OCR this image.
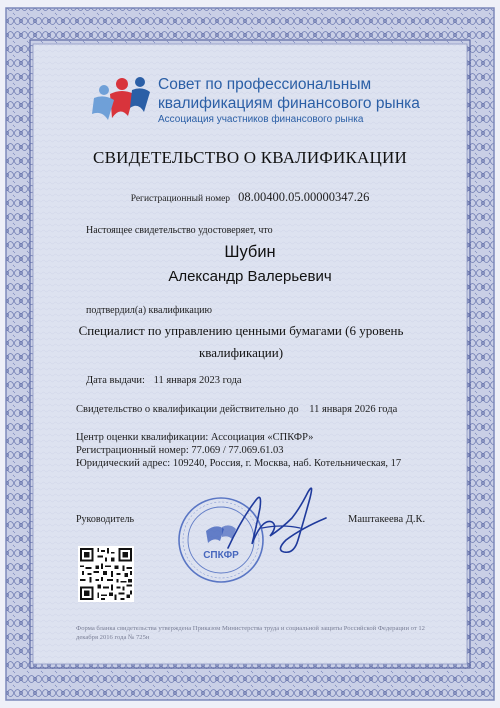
Совет по профессиональным
квалификациям финансового рынка
Ассоциация участников финансового рынка
СВИДЕТЕЛЬСТВО О КВАЛИФИКАЦИИ
Регистрационный номер 08.00400.05.00000347.26
Настоящее свидетельство удостоверяет, что
Шубин
Александр Валерьевич
подтвердил(а) квалификацию
Специалист по управлению ценными бумагами (6 уровень квалификации)
Дата выдачи: 11 января 2023 года
Свидетельство о квалификации действительно до 11 января 2026 года
Центр оценки квалификации: Ассоциация «СПКФР»
Регистрационный номер: 77.069 / 77.069.61.03
Юридический адрес: 109240, Россия, г. Москва, наб. Котельническая, 17
Руководитель	Маштакеева Д.К.
СПКФР
Форма бланка свидетельства утверждена Приказом Министерства труда и социальной защиты Российской Федерации от 12 декабря 2016 года № 725н
